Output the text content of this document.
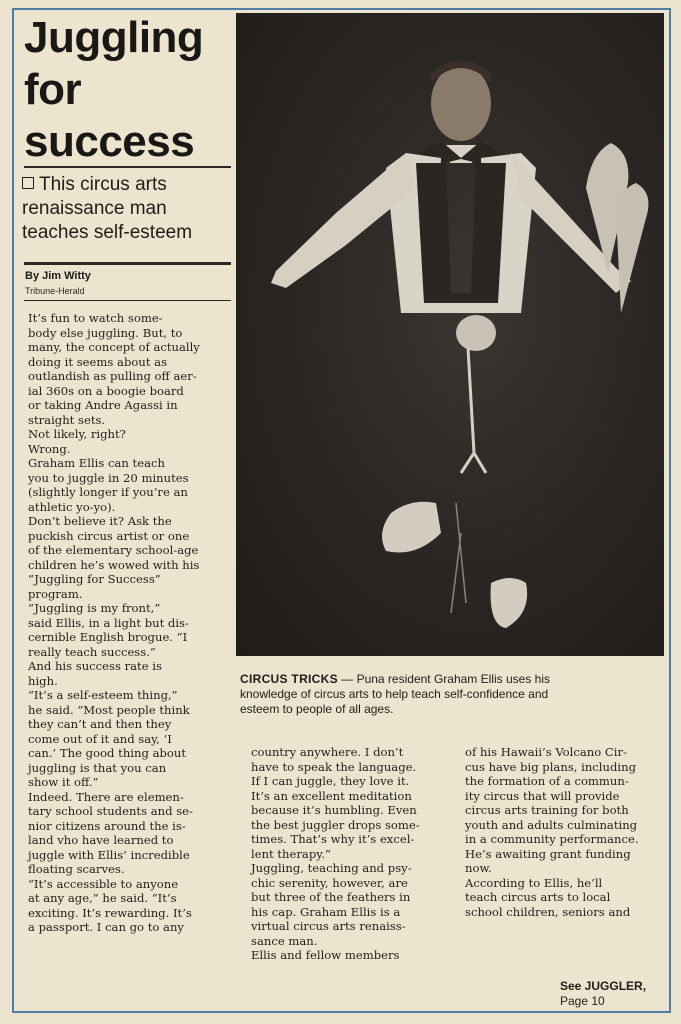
Juggling
for
success
This circus arts
renaissance man
teaches self-esteem
By Jim Witty
Tribune-Herald
It’s fun to watch some-
body else juggling. But, to
many, the concept of actually
doing it seems about as
outlandish as pulling off aer-
ial 360s on a boogie board
or taking Andre Agassi in
straight sets.
Not likely, right?
Wrong.
Graham Ellis can teach
you to juggle in 20 minutes
(slightly longer if you’re an
athletic yo-yo).
Don’t believe it? Ask the
puckish circus artist or one
of the elementary school-age
children he’s wowed with his
“Juggling for Success”
program.
“Juggling is my front,”
said Ellis, in a light but dis-
cernible English brogue. “I
really teach success.”
And his success rate is
high.
“It’s a self-esteem thing,”
he said. “Most people think
they can’t and then they
come out of it and say, ‘I
can.’ The good thing about
juggling is that you can
show it off.”
Indeed. There are elemen-
tary school students and se-
nior citizens around the is-
land vho have learned to
juggle with Ellis’ incredible
floating scarves.
“It’s accessible to anyone
at any age,” he said. “It’s
exciting. It’s rewarding. It’s
a passport. I can go to any
CIRCUS TRICKS — Puna resident Graham Ellis uses his
knowledge of circus arts to help teach self-confidence and
esteem to people of all ages.
country anywhere. I don’t
have to speak the language.
If I can juggle, they love it.
It’s an excellent meditation
because it’s humbling. Even
the best juggler drops some-
times. That’s why it’s excel-
lent therapy.”
Juggling, teaching and psy-
chic serenity, however, are
but three of the feathers in
his cap. Graham Ellis is a
virtual circus arts renaiss-
sance man.
Ellis and fellow members
of his Hawaii’s Volcano Cir-
cus have big plans, including
the formation of a commun-
ity circus that will provide
circus arts training for both
youth and adults culminating
in a community performance.
He’s awaiting grant funding
now.
According to Ellis, he’ll
teach circus arts to local
school children, seniors and
See JUGGLER,
Page 10
